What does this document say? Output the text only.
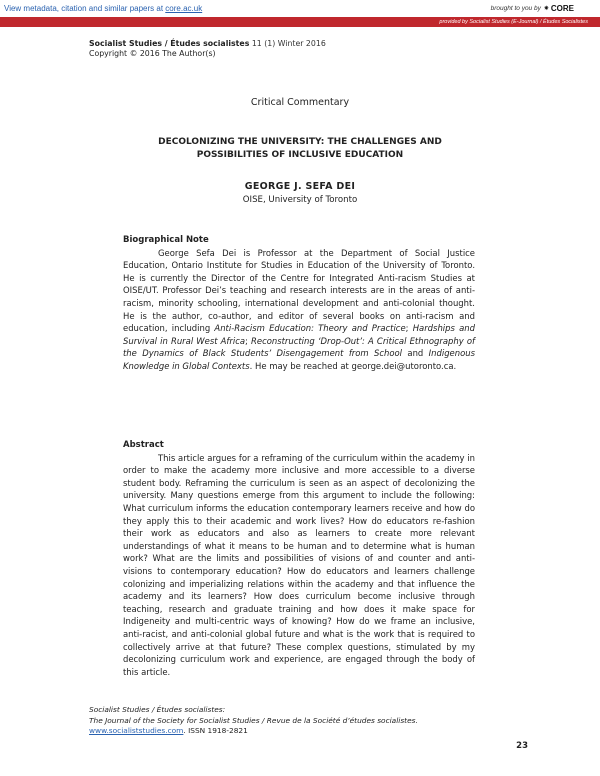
View metadata, citation and similar papers at core.ac.uk	brought to you by ✷ CORE
provided by Socialist Studies (E-Journal) / Études Socialistes
Socialist Studies / Études socialistes 11 (1) Winter 2016
Copyright © 2016 The Author(s)
Critical Commentary
DECOLONIZING THE UNIVERSITY: THE CHALLENGES AND
POSSIBILITIES OF INCLUSIVE EDUCATION
GEORGE J. SEFA DEI
OISE, University of Toronto
Biographical Note

George Sefa Dei is Professor at the Department of Social Justice Education, Ontario Institute for Studies in Education of the University of Toronto. He is currently the Director of the Centre for Integrated Anti-racism Studies at OISE/UT. Professor Dei’s teaching and research interests are in the areas of anti-racism, minority schooling, international development and anti-colonial thought. He is the author, co-author, and editor of several books on anti-racism and education, including Anti-Racism Education: Theory and Practice; Hardships and Survival in Rural West Africa; Reconstructing ‘Drop-Out’: A Critical Ethnography of the Dynamics of Black Students’ Disengagement from School and Indigenous Knowledge in Global Contexts. He may be reached at george.dei@utoronto.ca.

Abstract

This article argues for a reframing of the curriculum within the academy in order to make the academy more inclusive and more accessible to a diverse student body. Reframing the curriculum is seen as an aspect of decolonizing the university. Many questions emerge from this argument to include the following: What curriculum informs the education contemporary learners receive and how do they apply this to their academic and work lives? How do educators re-fashion their work as educators and also as learners to create more relevant understandings of what it means to be human and to determine what is human work? What are the limits and possibilities of visions of and counter and anti-visions to contemporary education? How do educators and learners challenge colonizing and imperializing relations within the academy and that influence the academy and its learners? How does curriculum become inclusive through teaching, research and graduate training and how does it make space for Indigeneity and multi-centric ways of knowing? How do we frame an inclusive, anti-racist, and anti-colonial global future and what is the work that is required to collectively arrive at that future? These complex questions, stimulated by my decolonizing curriculum work and experience, are engaged through the body of this article.

Socialist Studies / Études socialistes:
The Journal of the Society for Socialist Studies / Revue de la Société d’études socialistes.
www.socialiststudies.com. ISSN 1918-2821
23
